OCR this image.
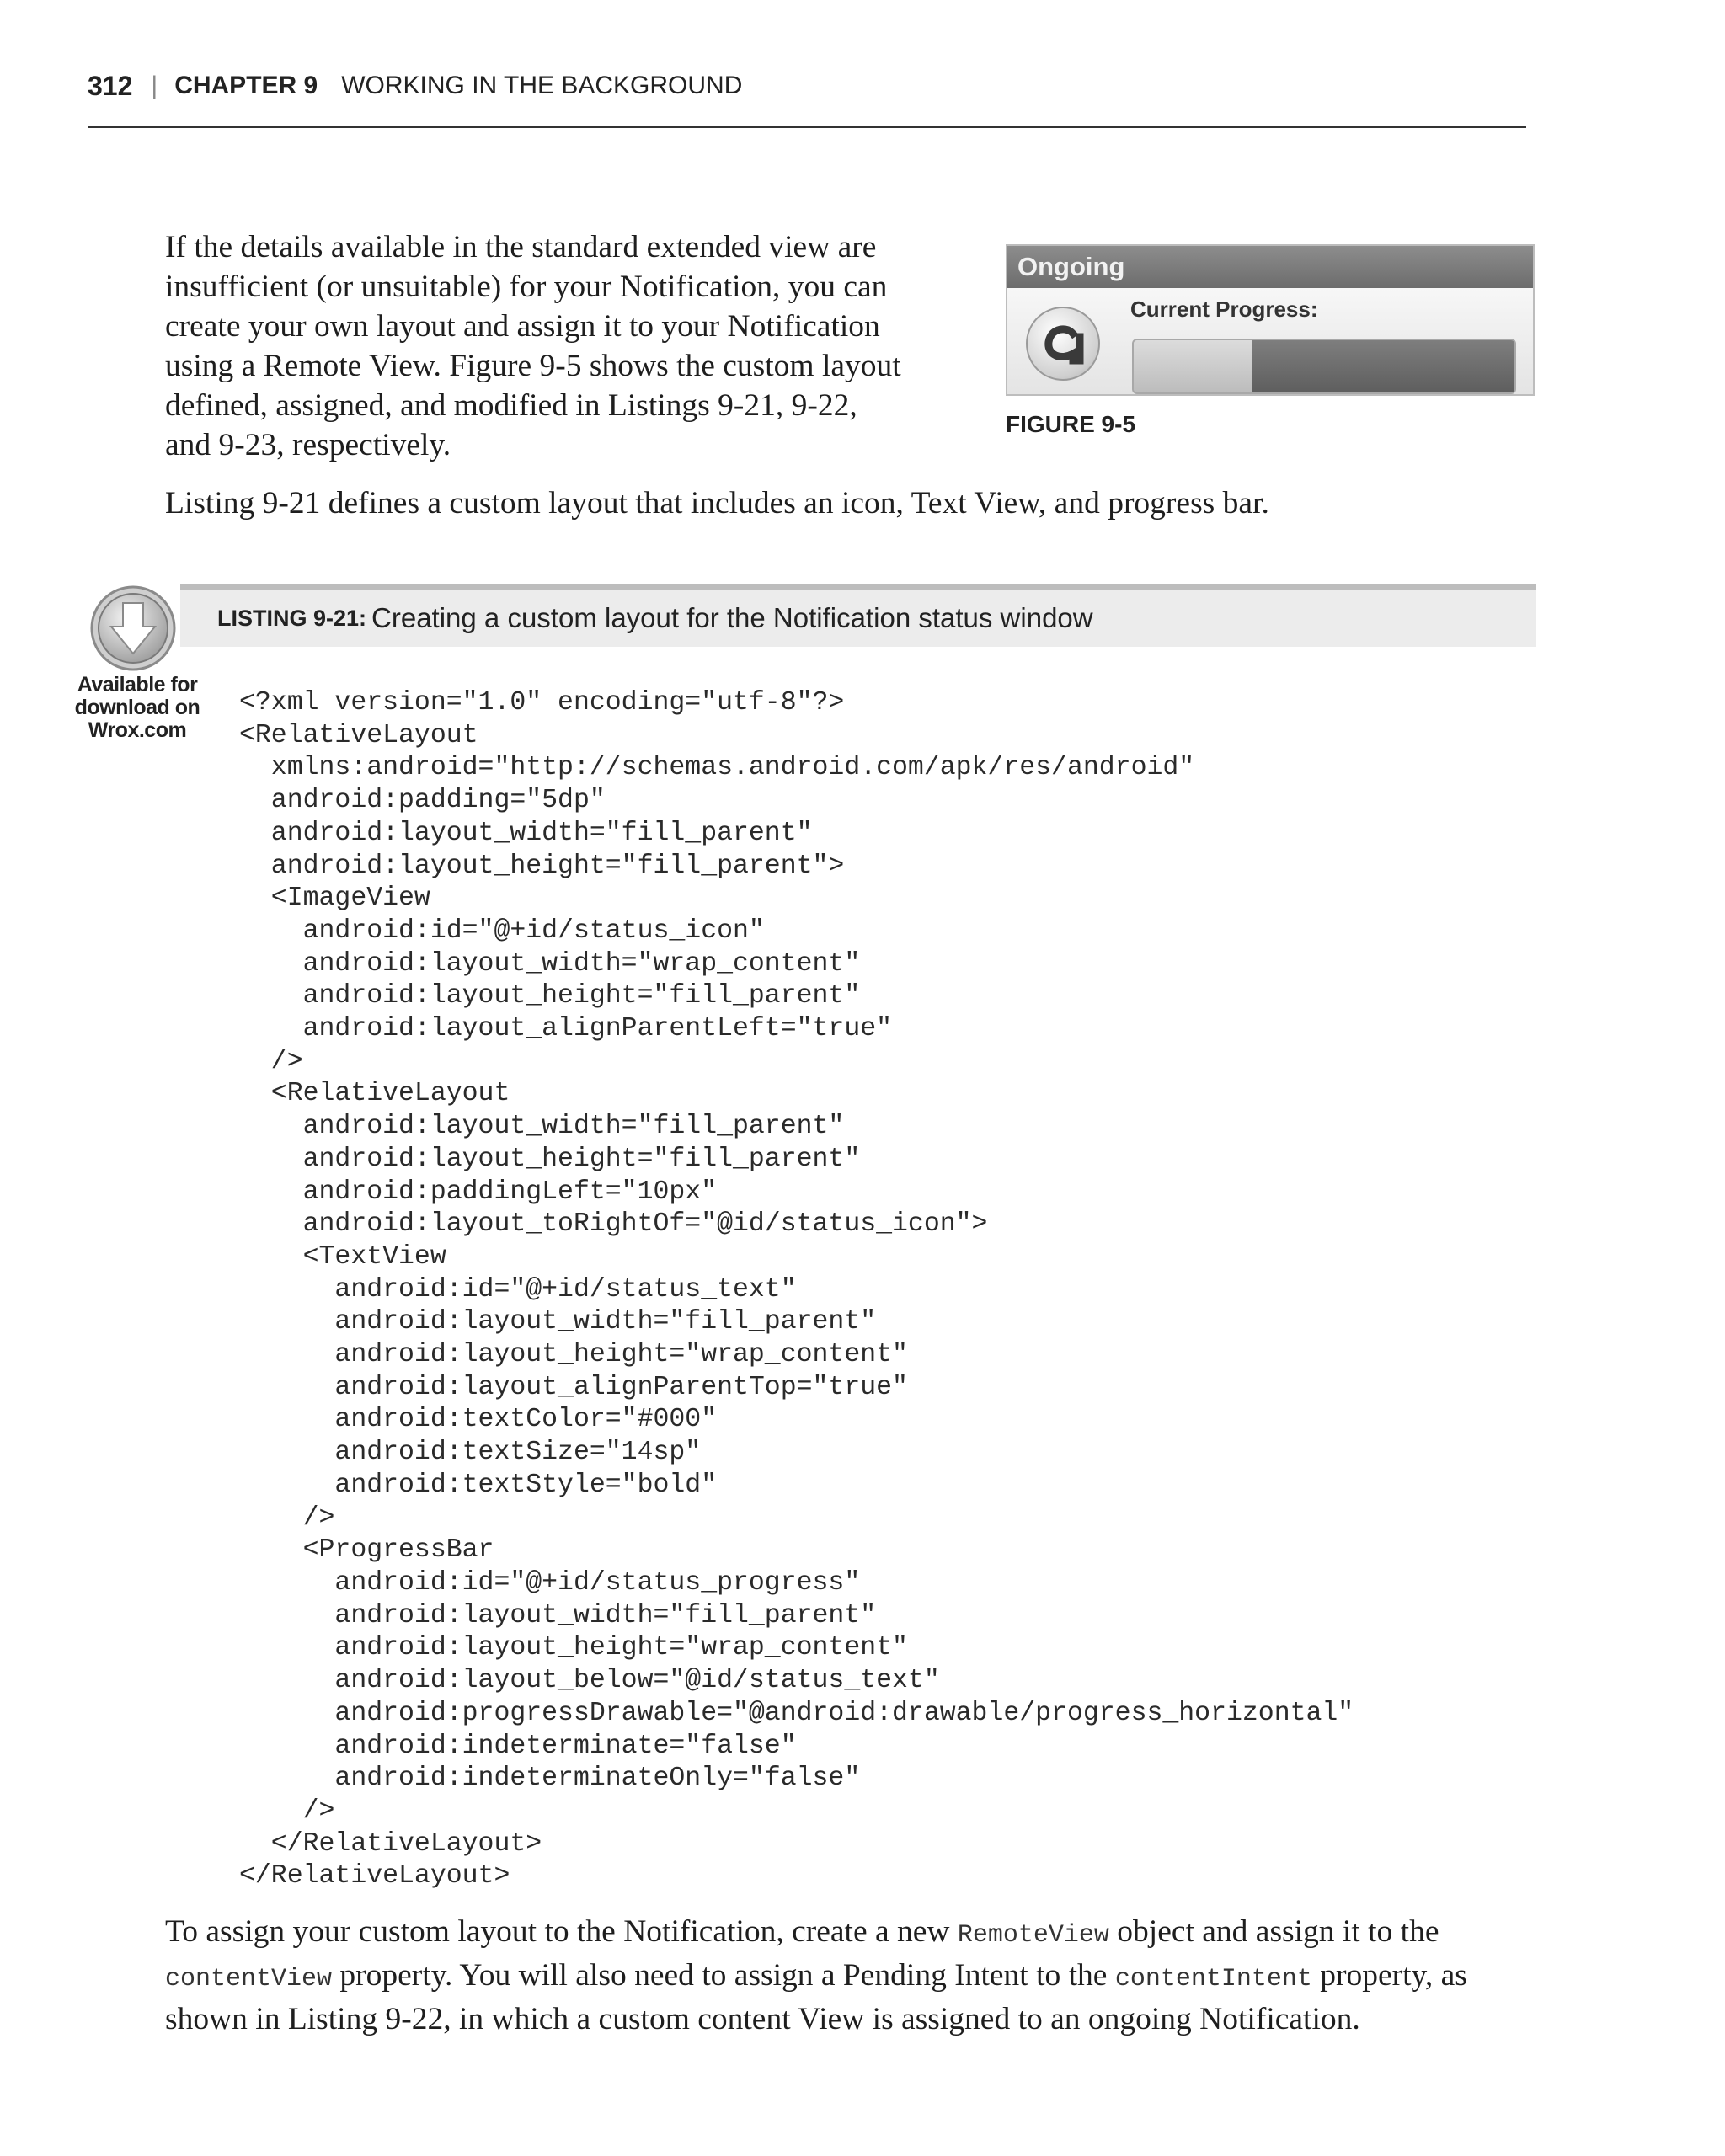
312 | CHAPTER 9 WORKING IN THE BACKGROUND
If the details available in the standard extended view are
insufficient (or unsuitable) for your Notification, you can
create your own layout and assign it to your Notification
using a Remote View. Figure 9-5 shows the custom layout
defined, assigned, and modified in Listings 9-21, 9-22,
and 9-23, respectively.
Ongoing
Current Progress:
FIGURE 9-5
Listing 9-21 defines a custom layout that includes an icon, Text View, and progress bar.
Available for
download on
Wrox.com
LISTING 9-21: Creating a custom layout for the Notification status window
<?xml version="1.0" encoding="utf-8"?>
<RelativeLayout
xmlns:android="http://schemas.android.com/apk/res/android"
android:padding="5dp"
android:layout_width="fill_parent"
android:layout_height="fill_parent">
<ImageView
android:id="@+id/status_icon"
android:layout_width="wrap_content"
android:layout_height="fill_parent"
android:layout_alignParentLeft="true"
/>
<RelativeLayout
android:layout_width="fill_parent"
android:layout_height="fill_parent"
android:paddingLeft="10px"
android:layout_toRightOf="@id/status_icon">
<TextView
android:id="@+id/status_text"
android:layout_width="fill_parent"
android:layout_height="wrap_content"
android:layout_alignParentTop="true"
android:textColor="#000"
android:textSize="14sp"
android:textStyle="bold"
/>
<ProgressBar
android:id="@+id/status_progress"
android:layout_width="fill_parent"
android:layout_height="wrap_content"
android:layout_below="@id/status_text"
android:progressDrawable="@android:drawable/progress_horizontal"
android:indeterminate="false"
android:indeterminateOnly="false"
/>
</RelativeLayout>
</RelativeLayout>
To assign your custom layout to the Notification, create a new RemoteView object and assign it to the
contentView property. You will also need to assign a Pending Intent to the contentIntent property, as
shown in Listing 9-22, in which a custom content View is assigned to an ongoing Notification.
